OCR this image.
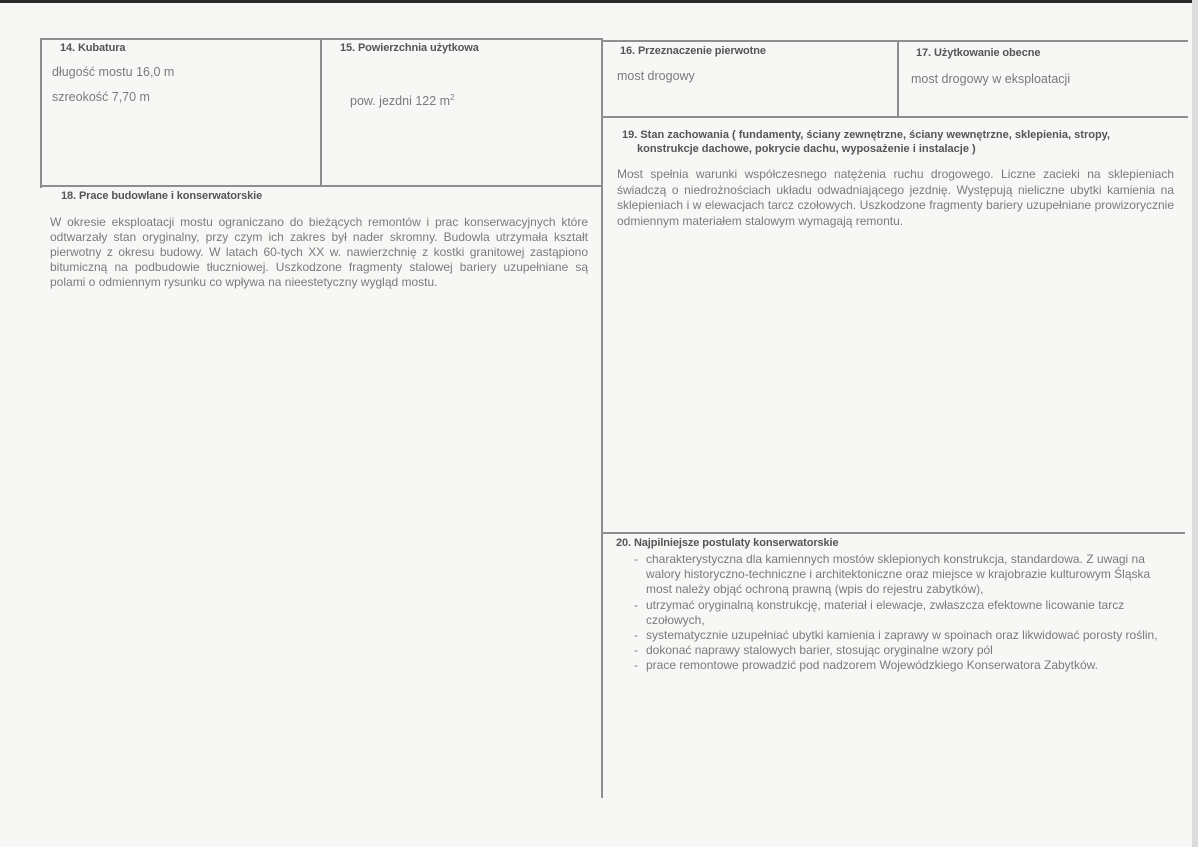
14. Kubatura
długość mostu 16,0 m
szreokość 7,70 m
15. Powierzchnia użytkowa
pow. jezdni 122 $m^2$
16. Przeznaczenie pierwotne
most drogowy
17. Użytkowanie obecne
most drogowy w eksploatacji
18. Prace budowlane i konserwatorskie
W okresie eksploatacji mostu ograniczano do bieżących remontów i prac konserwacyjnych które odtwarzały stan oryginalny, przy czym ich zakres był nader skromny. Budowla utrzymała kształt pierwotny z okresu budowy. W latach 60-tych XX w. nawierzchnię z kostki granitowej zastąpiono bitumiczną na podbudowie tłuczniowej. Uszkodzone fragmenty stalowej bariery uzupełniane są polami o odmiennym rysunku co wpływa na nieestetyczny wygląd mostu.
19. Stan zachowania ( fundamenty, ściany zewnętrzne, ściany wewnętrzne, sklepienia, stropy,
konstrukcje dachowe, pokrycie dachu, wyposażenie i instalacje )
Most spełnia warunki współczesnego natężenia ruchu drogowego. Liczne zacieki na sklepieniach świadczą o niedrożnościach układu odwadniającego jezdnię. Występują nieliczne ubytki kamienia na sklepieniach i w elewacjach tarcz czołowych. Uszkodzone fragmenty bariery uzupełniane prowizorycznie odmiennym materiałem stalowym wymagają remontu.
20. Najpilniejsze postulaty konserwatorskie
- charakterystyczna dla kamiennych mostów sklepionych konstrukcja, standardowa. Z uwagi na walory historyczno-techniczne i architektoniczne oraz miejsce w krajobrazie kulturowym Śląska most należy objąć ochroną prawną (wpis do rejestru zabytków),
- utrzymać oryginalną konstrukcję, materiał i elewacje, zwłaszcza efektowne licowanie tarcz czołowych,
- systematycznie uzupełniać ubytki kamienia i zaprawy w spoinach oraz likwidować porosty roślin,
- dokonać naprawy stalowych barier, stosując oryginalne wzory pól
- prace remontowe prowadzić pod nadzorem Wojewódzkiego Konserwatora Zabytków.
